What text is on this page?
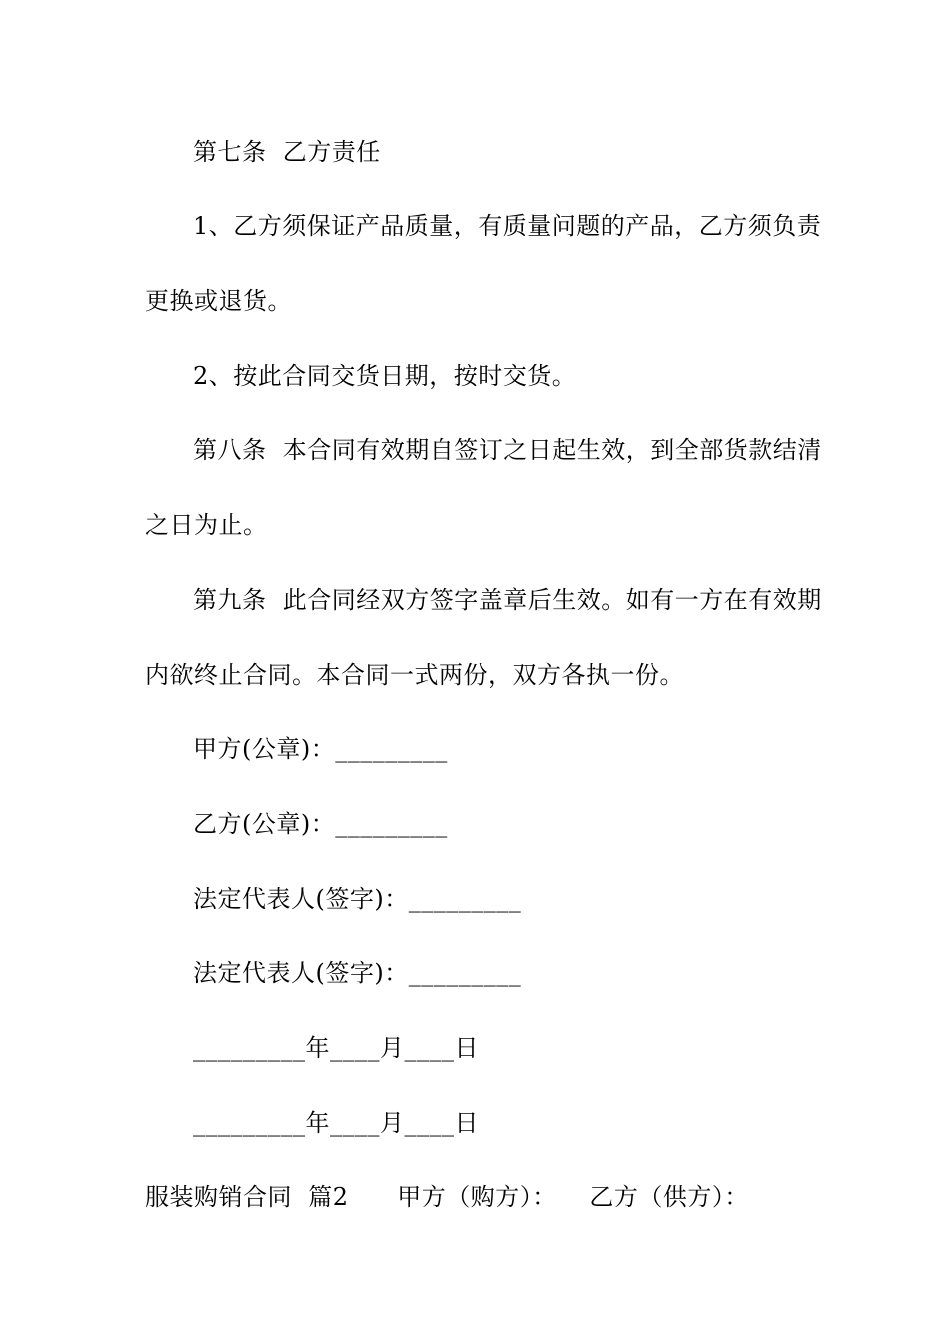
第七条  乙方责任
1、乙方须保证产品质量，有质量问题的产品，乙方须负责
更换或退货。
2、按此合同交货日期，按时交货。
第八条  本合同有效期自签订之日起生效，到全部货款结清
之日为止。
第九条  此合同经双方签字盖章后生效。如有一方在有效期
内欲终止合同。本合同一式两份，双方各执一份。
甲方(公章)：_________
乙方(公章)：_________
法定代表人(签字)：_________
法定代表人(签字)：_________
_________年____月____日
_________年____月____日
服装购销合同  篇2      甲方（购方）：    乙方（供方）：
